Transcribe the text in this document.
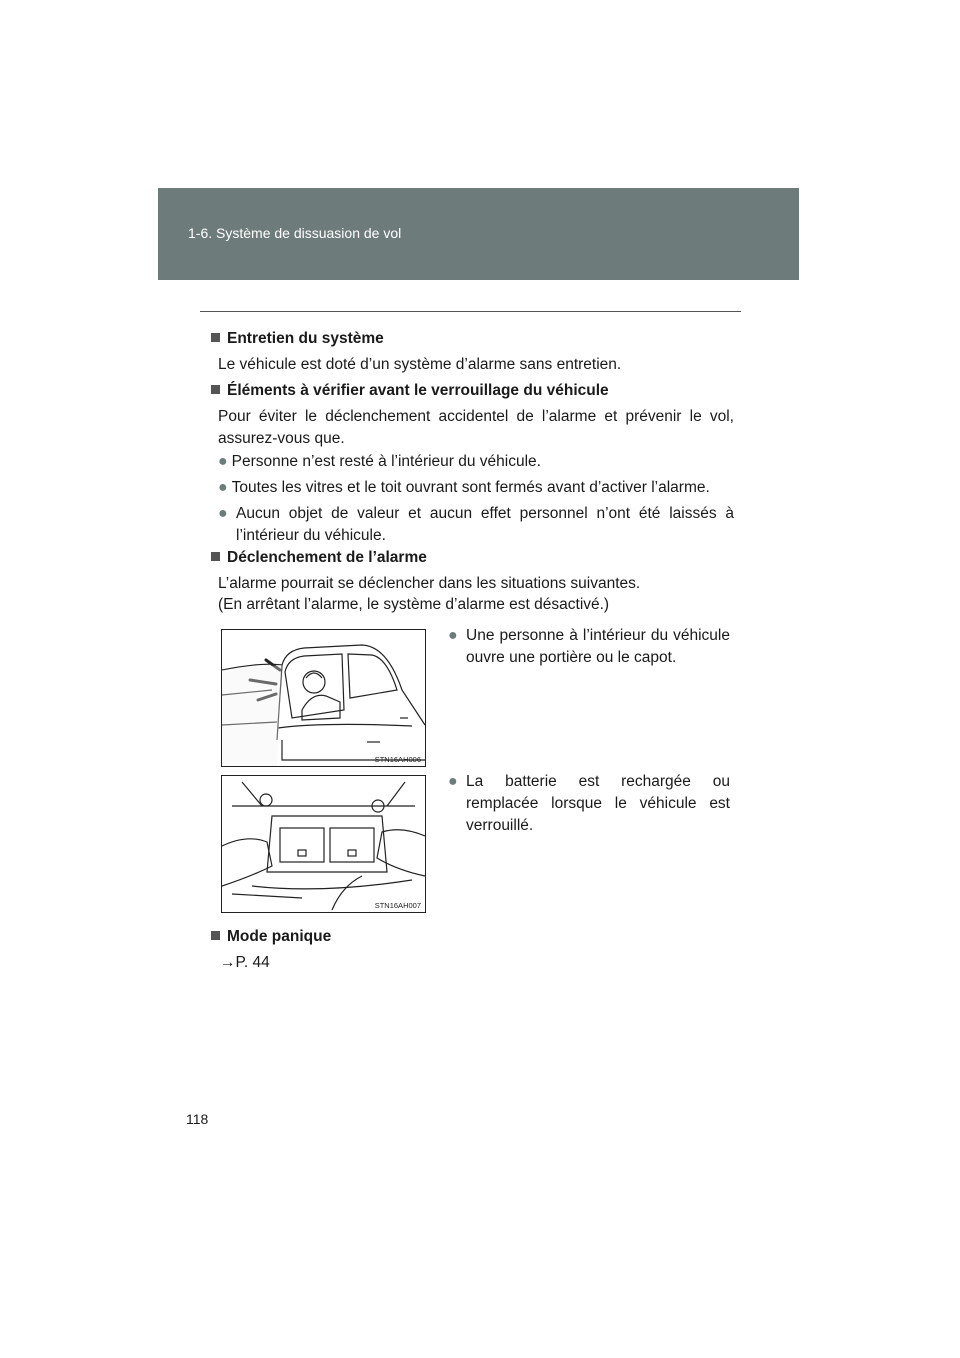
1-6. Système de dissuasion de vol
Entretien du système
Le véhicule est doté d’un système d’alarme sans entretien.
Éléments à vérifier avant le verrouillage du véhicule
Pour éviter le déclenchement accidentel de l’alarme et prévenir le vol, assurez-vous que.
● Personne n’est resté à l’intérieur du véhicule.
● Toutes les vitres et le toit ouvrant sont fermés avant d’activer l’alarme.
● Aucun objet de valeur et aucun effet personnel n’ont été laissés à l’intérieur du véhicule.
Déclenchement de l’alarme
L’alarme pourrait se déclencher dans les situations suivantes.
(En arrêtant l’alarme, le système d’alarme est désactivé.)
STN16AH006
● Une personne à l’intérieur du véhicule ouvre une portière ou le capot.
STN16AH007
● La batterie est rechargée ou remplacée lorsque le véhicule est verrouillé.
Mode panique
→P. 44
118
